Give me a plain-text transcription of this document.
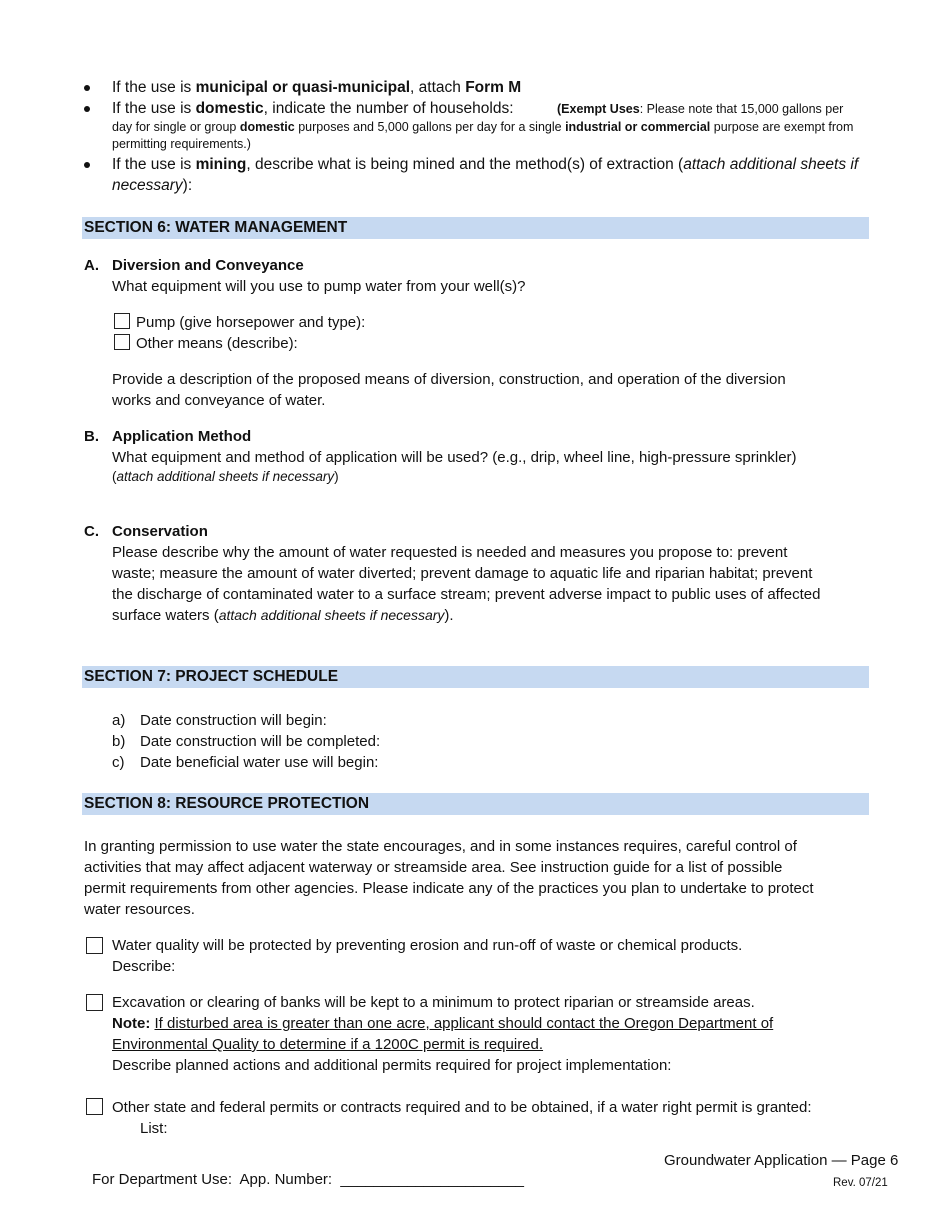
If the use is municipal or quasi-municipal, attach Form M
If the use is domestic, indicate the number of households:	(Exempt Uses: Please note that 15,000 gallons per
day for single or group domestic purposes and 5,000 gallons per day for a single industrial or commercial purpose are exempt from
permitting requirements.)
If the use is mining, describe what is being mined and the method(s) of extraction (attach additional sheets if
necessary):
SECTION 6: WATER MANAGEMENT
A. Diversion and Conveyance
What equipment will you use to pump water from your well(s)?
Pump (give horsepower and type):
Other means (describe):
Provide a description of the proposed means of diversion, construction, and operation of the diversion
works and conveyance of water.
B. Application Method
What equipment and method of application will be used? (e.g., drip, wheel line, high-pressure sprinkler)
(attach additional sheets if necessary)
C. Conservation
Please describe why the amount of water requested is needed and measures you propose to: prevent
waste; measure the amount of water diverted; prevent damage to aquatic life and riparian habitat; prevent
the discharge of contaminated water to a surface stream; prevent adverse impact to public uses of affected
surface waters (attach additional sheets if necessary).
SECTION 7: PROJECT SCHEDULE
a) Date construction will begin:
b) Date construction will be completed:
c) Date beneficial water use will begin:
SECTION 8: RESOURCE PROTECTION
In granting permission to use water the state encourages, and in some instances requires, careful control of
activities that may affect adjacent waterway or streamside area. See instruction guide for a list of possible
permit requirements from other agencies. Please indicate any of the practices you plan to undertake to protect
water resources.
Water quality will be protected by preventing erosion and run-off of waste or chemical products.
Describe:
Excavation or clearing of banks will be kept to a minimum to protect riparian or streamside areas.
Note: If disturbed area is greater than one acre, applicant should contact the Oregon Department of
Environmental Quality to determine if a 1200C permit is required.
Describe planned actions and additional permits required for project implementation:
Other state and federal permits or contracts required and to be obtained, if a water right permit is granted:
List:
Groundwater Application — Page 6
For Department Use:  App. Number:  ______________________	Rev. 07/21
